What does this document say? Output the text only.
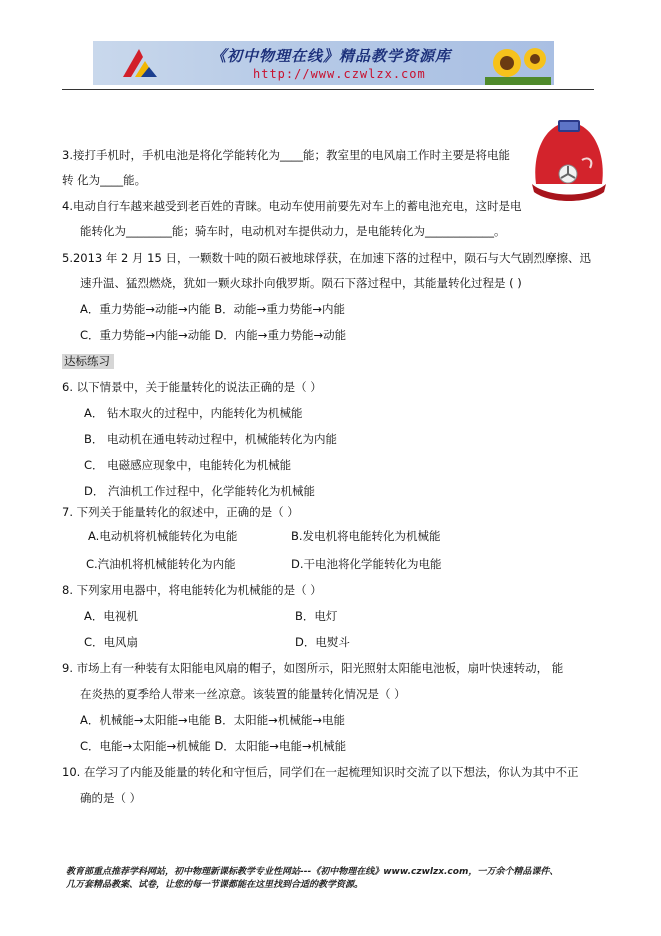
《初中物理在线》精品教学资源库
http://www.czwlzx.com
达标练习
3.接打手机时，手机电池是将化学能转化为____能；教室里的电风扇工作时主要是将电能
转 化为____能。
4.电动自行车越来越受到老百姓的青睐。电动车使用前要先对车上的蓄电池充电，这时是电
能转化为________能；骑车时，电动机对车提供动力，是电能转化为____________。
5.2013 年 2 月 15 日，一颗数十吨的陨石被地球俘获，在加速下落的过程中，陨石与大气剧烈摩擦、迅
速升温、猛烈燃烧，犹如一颗火球扑向俄罗斯。陨石下落过程中，其能量转化过程是 ( )
A．重力势能→动能→内能 B．动能→重力势能→内能
C．重力势能→内能→动能 D．内能→重力势能→动能
6. 以下情景中，关于能量转化的说法正确的是（ ）
A． 钻木取火的过程中，内能转化为机械能
B． 电动机在通电转动过程中，机械能转化为内能
C． 电磁感应现象中，电能转化为机械能
D． 汽油机工作过程中，化学能转化为机械能
7. 下列关于能量转化的叙述中，正确的是（ ）
A.电动机将机械能转化为电能	B.发电机将电能转化为机械能
C.汽油机将机械能转化为内能	D.干电池将化学能转化为电能
8. 下列家用电器中，将电能转化为机械能的是（ ）
A．电视机	B．电灯
C．电风扇	D．电熨斗
9. 市场上有一种装有太阳能电风扇的帽子，如图所示，阳光照射太阳能电池板，扇叶快速转动， 能
在炎热的夏季给人带来一丝凉意。该装置的能量转化情况是（ ）
A．机械能→太阳能→电能 B．太阳能→机械能→电能
C．电能→太阳能→机械能 D．太阳能→电能→机械能
10. 在学习了内能及能量的转化和守恒后，同学们在一起梳理知识时交流了以下想法，你认为其中不正
确的是（ ）
教育部重点推荐学科网站，初中物理新课标教学专业性网站---《初中物理在线》www.czwlzx.com，一万余个精品课件、
几万套精品教案、试卷，让您的每一节课都能在这里找到合适的教学资源。
